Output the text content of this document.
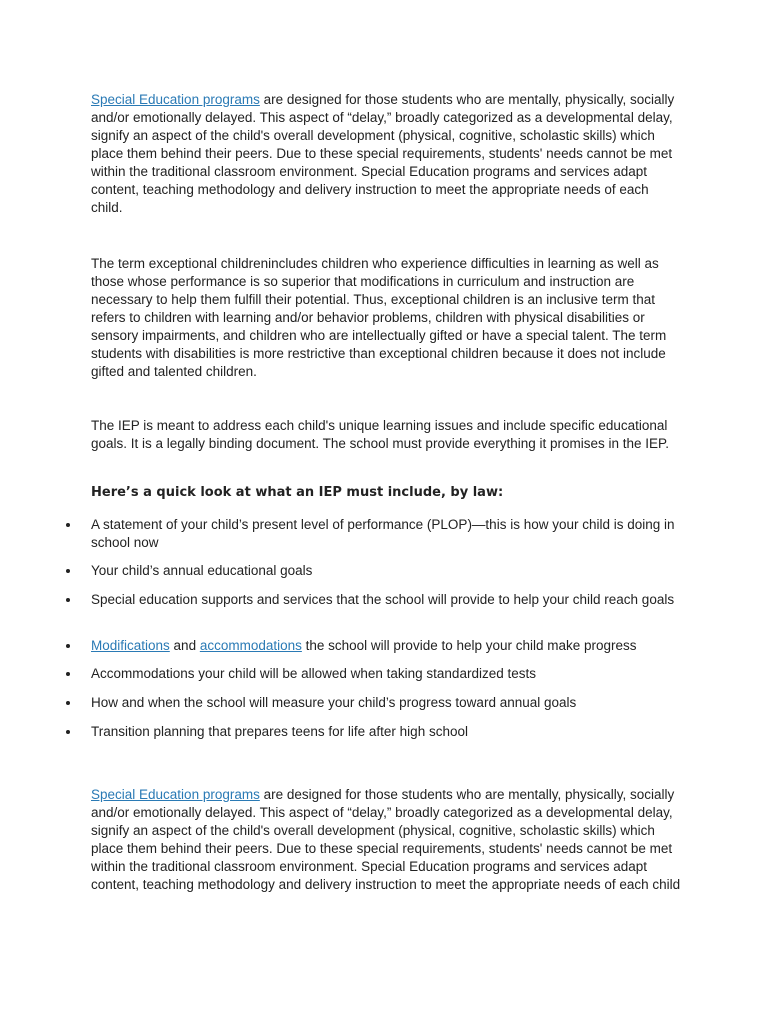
Special Education programs are designed for those students who are mentally, physically, socially and/or emotionally delayed. This aspect of “delay,” broadly categorized as a developmental delay, signify an aspect of the child's overall development (physical, cognitive, scholastic skills) which place them behind their peers. Due to these special requirements, students' needs cannot be met within the traditional classroom environment. Special Education programs and services adapt content, teaching methodology and delivery instruction to meet the appropriate needs of each child.

The term exceptional childrenincludes children who experience difficulties in learning as well as those whose performance is so superior that modifications in curriculum and instruction are necessary to help them fulfill their potential. Thus, exceptional children is an inclusive term that refers to children with learning and/or behavior problems, children with physical disabilities or sensory impairments, and children who are intellectually gifted or have a special talent. The term students with disabilities is more restrictive than exceptional children because it does not include gifted and talented children.

The IEP is meant to address each child's unique learning issues and include specific educational goals. It is a legally binding document. The school must provide everything it promises in the IEP.

Here’s a quick look at what an IEP must include, by law:

A statement of your child’s present level of performance (PLOP)—this is how your child is doing in school now
Your child’s annual educational goals
Special education supports and services that the school will provide to help your child reach goals
Modifications and accommodations the school will provide to help your child make progress
Accommodations your child will be allowed when taking standardized tests
How and when the school will measure your child’s progress toward annual goals
Transition planning that prepares teens for life after high school

Special Education programs are designed for those students who are mentally, physically, socially and/or emotionally delayed. This aspect of “delay,” broadly categorized as a developmental delay, signify an aspect of the child's overall development (physical, cognitive, scholastic skills) which place them behind their peers. Due to these special requirements, students' needs cannot be met within the traditional classroom environment. Special Education programs and services adapt content, teaching methodology and delivery instruction to meet the appropriate needs of each child
